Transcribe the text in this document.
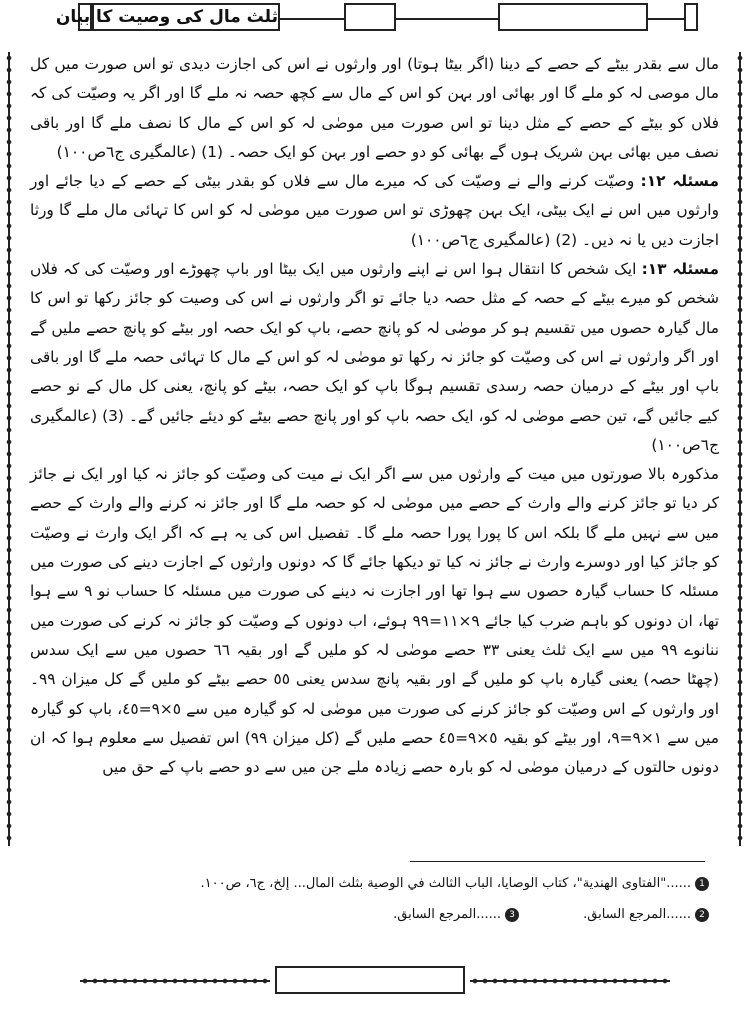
ثلث مال کی وصیت کا بیان

مال سے بقدر بیٹے کے حصے کے دینا (اگر بیٹا ہوتا) اور وارثوں نے اس کی اجازت دیدی تو اس صورت میں کل مال موصی لہ کو ملے گا اور بھائی اور بہن کو اس کے مال سے کچھ حصہ نہ ملے گا اور اگر یہ وصیّت کی کہ فلاں کو بیٹے کے حصے کے مثل دینا تو اس صورت میں موصٰی لہ کو اس کے مال کا نصف ملے گا اور باقی نصف میں بھائی بہن شریک ہوں گے بھائی کو دو حصے اور بہن کو ایک حصہ۔ (1) (عالمگیری ج٦ص١٠٠)

مسئلہ ١٢: وصیّت کرنے والے نے وصیّت کی کہ میرے مال سے فلاں کو بقدر بیٹی کے حصے کے دیا جائے اور وارثوں میں اس نے ایک بیٹی، ایک بہن چھوڑی تو اس صورت میں موصٰی لہ کو اس کا تہائی مال ملے گا ورثا اجازت دیں یا نہ دیں۔ (2) (عالمگیری ج٦ص١٠٠)

مسئلہ ١٣: ایک شخص کا انتقال ہوا اس نے اپنے وارثوں میں ایک بیٹا اور باپ چھوڑے اور وصیّت کی کہ فلاں شخص کو میرے بیٹے کے حصہ کے مثل حصہ دیا جائے تو اگر وارثوں نے اس کی وصیت کو جائز رکھا تو اس کا مال گیارہ حصوں میں تقسیم ہو کر موصٰی لہ کو پانچ حصے، باپ کو ایک حصہ اور بیٹے کو پانچ حصے ملیں گے اور اگر وارثوں نے اس کی وصیّت کو جائز نہ رکھا تو موصٰی لہ کو اس کے مال کا تہائی حصہ ملے گا اور باقی باپ اور بیٹے کے درمیان حصہ رسدی تقسیم ہوگا باپ کو ایک حصہ، بیٹے کو پانچ، یعنی کل مال کے نو حصے کیے جائیں گے، تین حصے موصٰی لہ کو، ایک حصہ باپ کو اور پانچ حصے بیٹے کو دیئے جائیں گے۔ (3) (عالمگیری ج٦ص١٠٠)

مذکورہ بالا صورتوں میں میت کے وارثوں میں سے اگر ایک نے میت کی وصیّت کو جائز نہ کیا اور ایک نے جائز کر دیا تو جائز کرنے والے وارث کے حصے میں موصٰی لہ کو حصہ ملے گا اور جائز نہ کرنے والے وارث کے حصے میں سے نہیں ملے گا بلکہ اس کا پورا پورا حصہ ملے گا۔ تفصیل اس کی یہ ہے کہ اگر ایک وارث نے وصیّت کو جائز کیا اور دوسرے وارث نے جائز نہ کیا تو دیکھا جائے گا کہ دونوں وارثوں کے اجازت دینے کی صورت میں مسئلہ کا حساب گیارہ حصوں سے ہوا تھا اور اجازت نہ دینے کی صورت میں مسئلہ کا حساب نو ٩ سے ہوا تھا، ان دونوں کو باہم ضرب کیا جائے ٩×١١=٩٩ ہوئے، اب دونوں کے وصیّت کو جائز نہ کرنے کی صورت میں ننانوے ٩٩ میں سے ایک ثلث یعنی ٣٣ حصے موصٰی لہ کو ملیں گے اور بقیہ ٦٦ حصوں میں سے ایک سدس (چھٹا حصہ) یعنی گیارہ باپ کو ملیں گے اور بقیہ پانچ سدس یعنی ٥٥ حصے بیٹے کو ملیں گے کل میزان ٩٩۔ اور وارثوں کے اس وصیّت کو جائز کرنے کی صورت میں موصٰی لہ کو گیارہ میں سے ٥×٩=٤٥، باپ کو گیارہ میں سے ١×٩=٩، اور بیٹے کو بقیہ ٥×٩=٤٥ حصے ملیں گے (کل میزان ٩٩) اس تفصیل سے معلوم ہوا کہ ان دونوں حالتوں کے درمیان موصٰی لہ کو بارہ حصے زیادہ ملے جن میں سے دو حصے باپ کے حق میں

1......"الفتاوى الهندية"، كتاب الوصايا، الباب الثالث في الوصية بثلث المال... إلخ، ج٦، ص١٠٠.
2......المرجع السابق.
3......المرجع السابق.
